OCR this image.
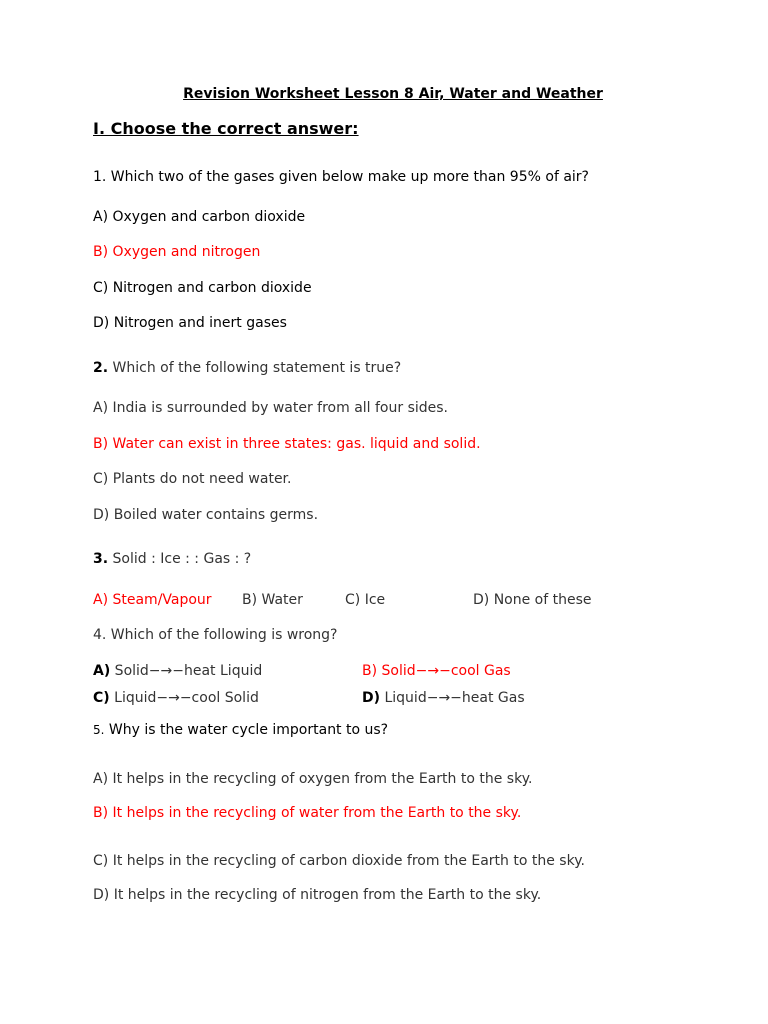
Revision Worksheet Lesson 8 Air, Water and Weather
I. Choose the correct answer:
1. Which two of the gases given below make up more than 95% of air?
A) Oxygen and carbon dioxide
B) Oxygen and nitrogen
C) Nitrogen and carbon dioxide
D) Nitrogen and inert gases
2. Which of the following statement is true?
A) India is surrounded by water from all four sides.
B) Water can exist in three states: gas. liquid and solid.
C) Plants do not need water.
D) Boiled water contains germs.
3. Solid : Ice : : Gas : ?
A) Steam/Vapour B) Water	C) Ice	D) None of these
4. Which of the following is wrong?
A) Solid−→−heat Liquid	B) Solid−→−cool Gas
C) Liquid−→−cool Solid	D) Liquid−→−heat Gas
5. Why is the water cycle important to us?
A) It helps in the recycling of oxygen from the Earth to the sky.
B) It helps in the recycling of water from the Earth to the sky.
C) It helps in the recycling of carbon dioxide from the Earth to the sky.
D) It helps in the recycling of nitrogen from the Earth to the sky.
